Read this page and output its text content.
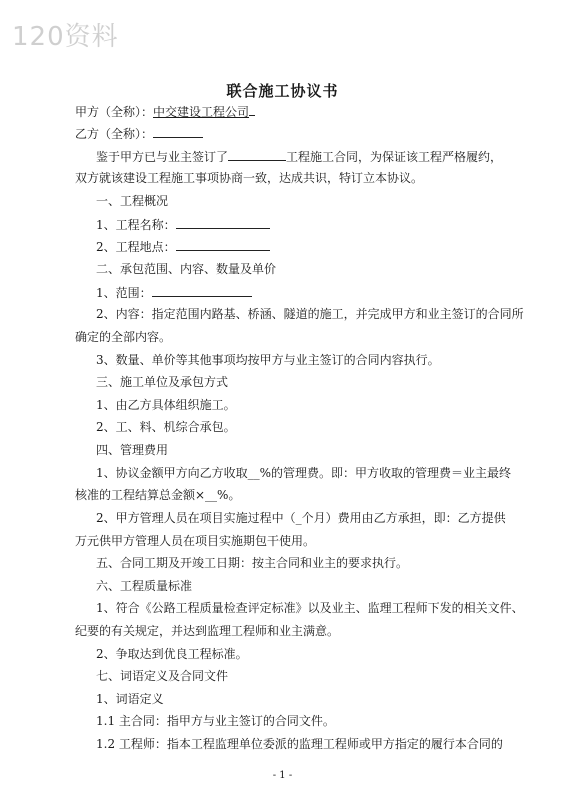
120资料
联合施工协议书
甲方（全称）：中交建设工程公司
乙方（全称）：
鉴于甲方已与业主签订了	工程施工合同，为保证该工程严格履约，
双方就该建设工程施工事项协商一致，达成共识，特订立本协议。
一、工程概况
1、工程名称：
2、工程地点：
二、承包范围、内容、数量及单价
1、范围：
2、内容：指定范围内路基、桥涵、隧道的施工，并完成甲方和业主签订的合同所
确定的全部内容。
3、数量、单价等其他事项均按甲方与业主签订的合同内容执行。
三、施工单位及承包方式
1、由乙方具体组织施工。
2、工、料、机综合承包。
四、管理费用
1、协议金额甲方向乙方收取__%的管理费。即：甲方收取的管理费＝业主最终
核准的工程结算总金额×__%。
2、甲方管理人员在项目实施过程中（_个月）费用由乙方承担，即：乙方提供
万元供甲方管理人员在项目实施期包干使用。
五、合同工期及开竣工日期：按主合同和业主的要求执行。
六、工程质量标准
1、符合《公路工程质量检查评定标准》以及业主、监理工程师下发的相关文件、
纪要的有关规定，并达到监理工程师和业主满意。
2、争取达到优良工程标准。
七、词语定义及合同文件
1、词语定义
1.1 主合同：指甲方与业主签订的合同文件。
1.2 工程师：指本工程监理单位委派的监理工程师或甲方指定的履行本合同的
- 1 -
